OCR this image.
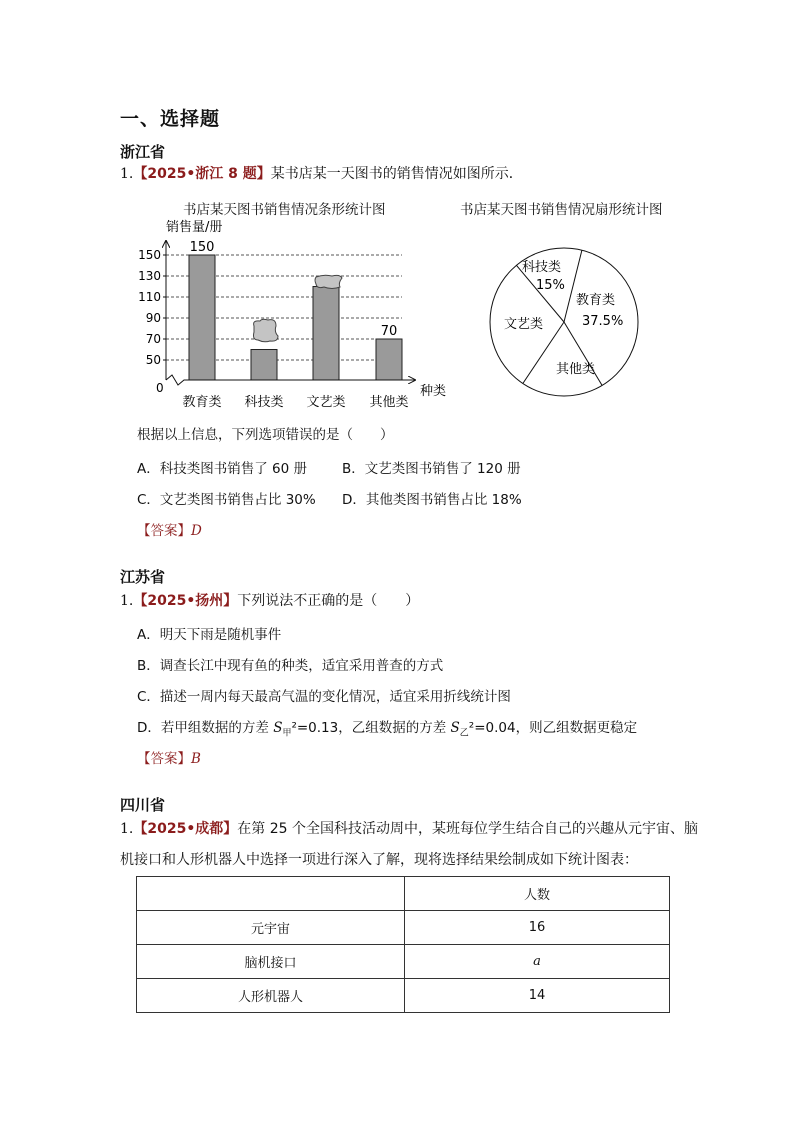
一、选择题
浙江省
1.【2025•浙江 8 题】某书店某一天图书的销售情况如图所示．
书店某天图书销售情况条形统计图	书店某天图书销售情况扇形统计图
销售量/册
50
70
90
110
130
150 150
70
教育类 科技类 文艺类 其他类
0	种类
科技类
15%
教育类
37.5%
文艺类
其他类
根据以上信息，下列选项错误的是（　　）
A．科技类图书销售了 60 册	B．文艺类图书销售了 120 册
C．文艺类图书销售占比 30% D．其他类图书销售占比 18%
【答案】D
江苏省
1.【2025•扬州】下列说法不正确的是（　　）
A．明天下雨是随机事件
B．调查长江中现有鱼的种类，适宜采用普查的方式
C．描述一周内每天最高气温的变化情况，适宜采用折线统计图
D．若甲组数据的方差 $S_甲^2=0.13$，乙组数据的方差 $S_乙^2=0.04$，则乙组数据更稳定
【答案】B
四川省
1.【2025•成都】在第 25 个全国科技活动周中，某班每位学生结合自己的兴趣从元宇宙、脑
机接口和人形机器人中选择一项进行深入了解，现将选择结果绘制成如下统计图表：
	人数
元宇宙	16
脑机接口	a
人形机器人	14
